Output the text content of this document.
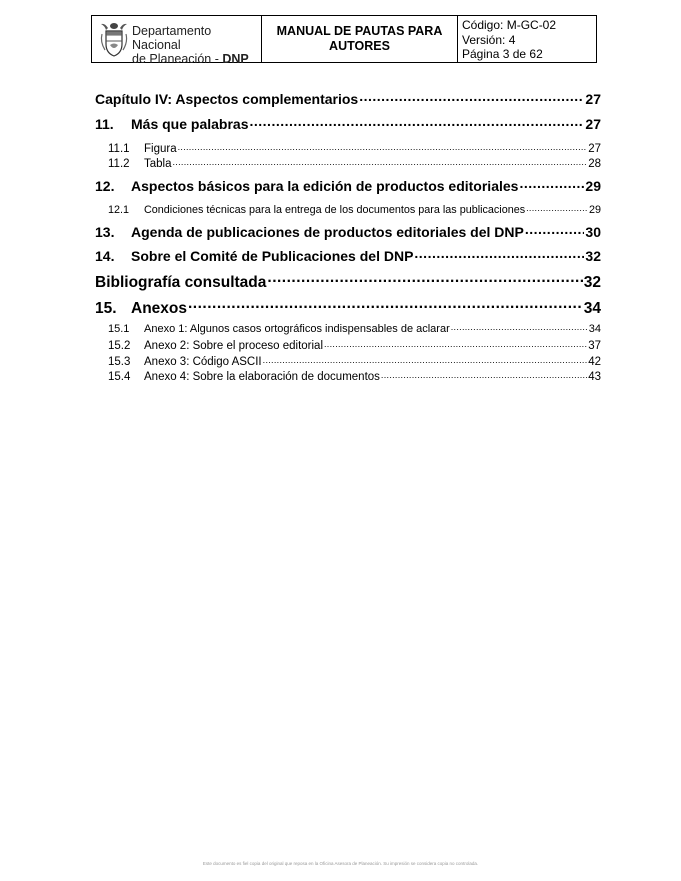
Departamento Nacional
de Planeación - DNP
MANUAL DE PAUTAS PARA AUTORES
Código: M-GC-02
Versión: 4
Página 3 de 62
Capítulo IV: Aspectos complementarios .....	27
11.	Más que palabras .....	27
11.1	Figura .....	27
11.2	Tabla .....	28
12.	Aspectos básicos para la edición de productos editoriales .....	29
12.1	Condiciones técnicas para la entrega de los documentos para las publicaciones .....	29
13.	Agenda de publicaciones de productos editoriales del DNP .....	30
14.	Sobre el Comité de Publicaciones del DNP .....	32
Bibliografía consultada .....	32
15. Anexos .....	34
15.1	Anexo 1: Algunos casos ortográficos indispensables de aclarar .....	34
15.2	Anexo 2: Sobre el proceso editorial .....	37
15.3	Anexo 3: Código ASCII .....	42
15.4	Anexo 4: Sobre la elaboración de documentos .....	43
Este documento es fiel copia del original que reposa en la Oficina Asesora de Planeación. Su impresión se considera copia no controlada.
